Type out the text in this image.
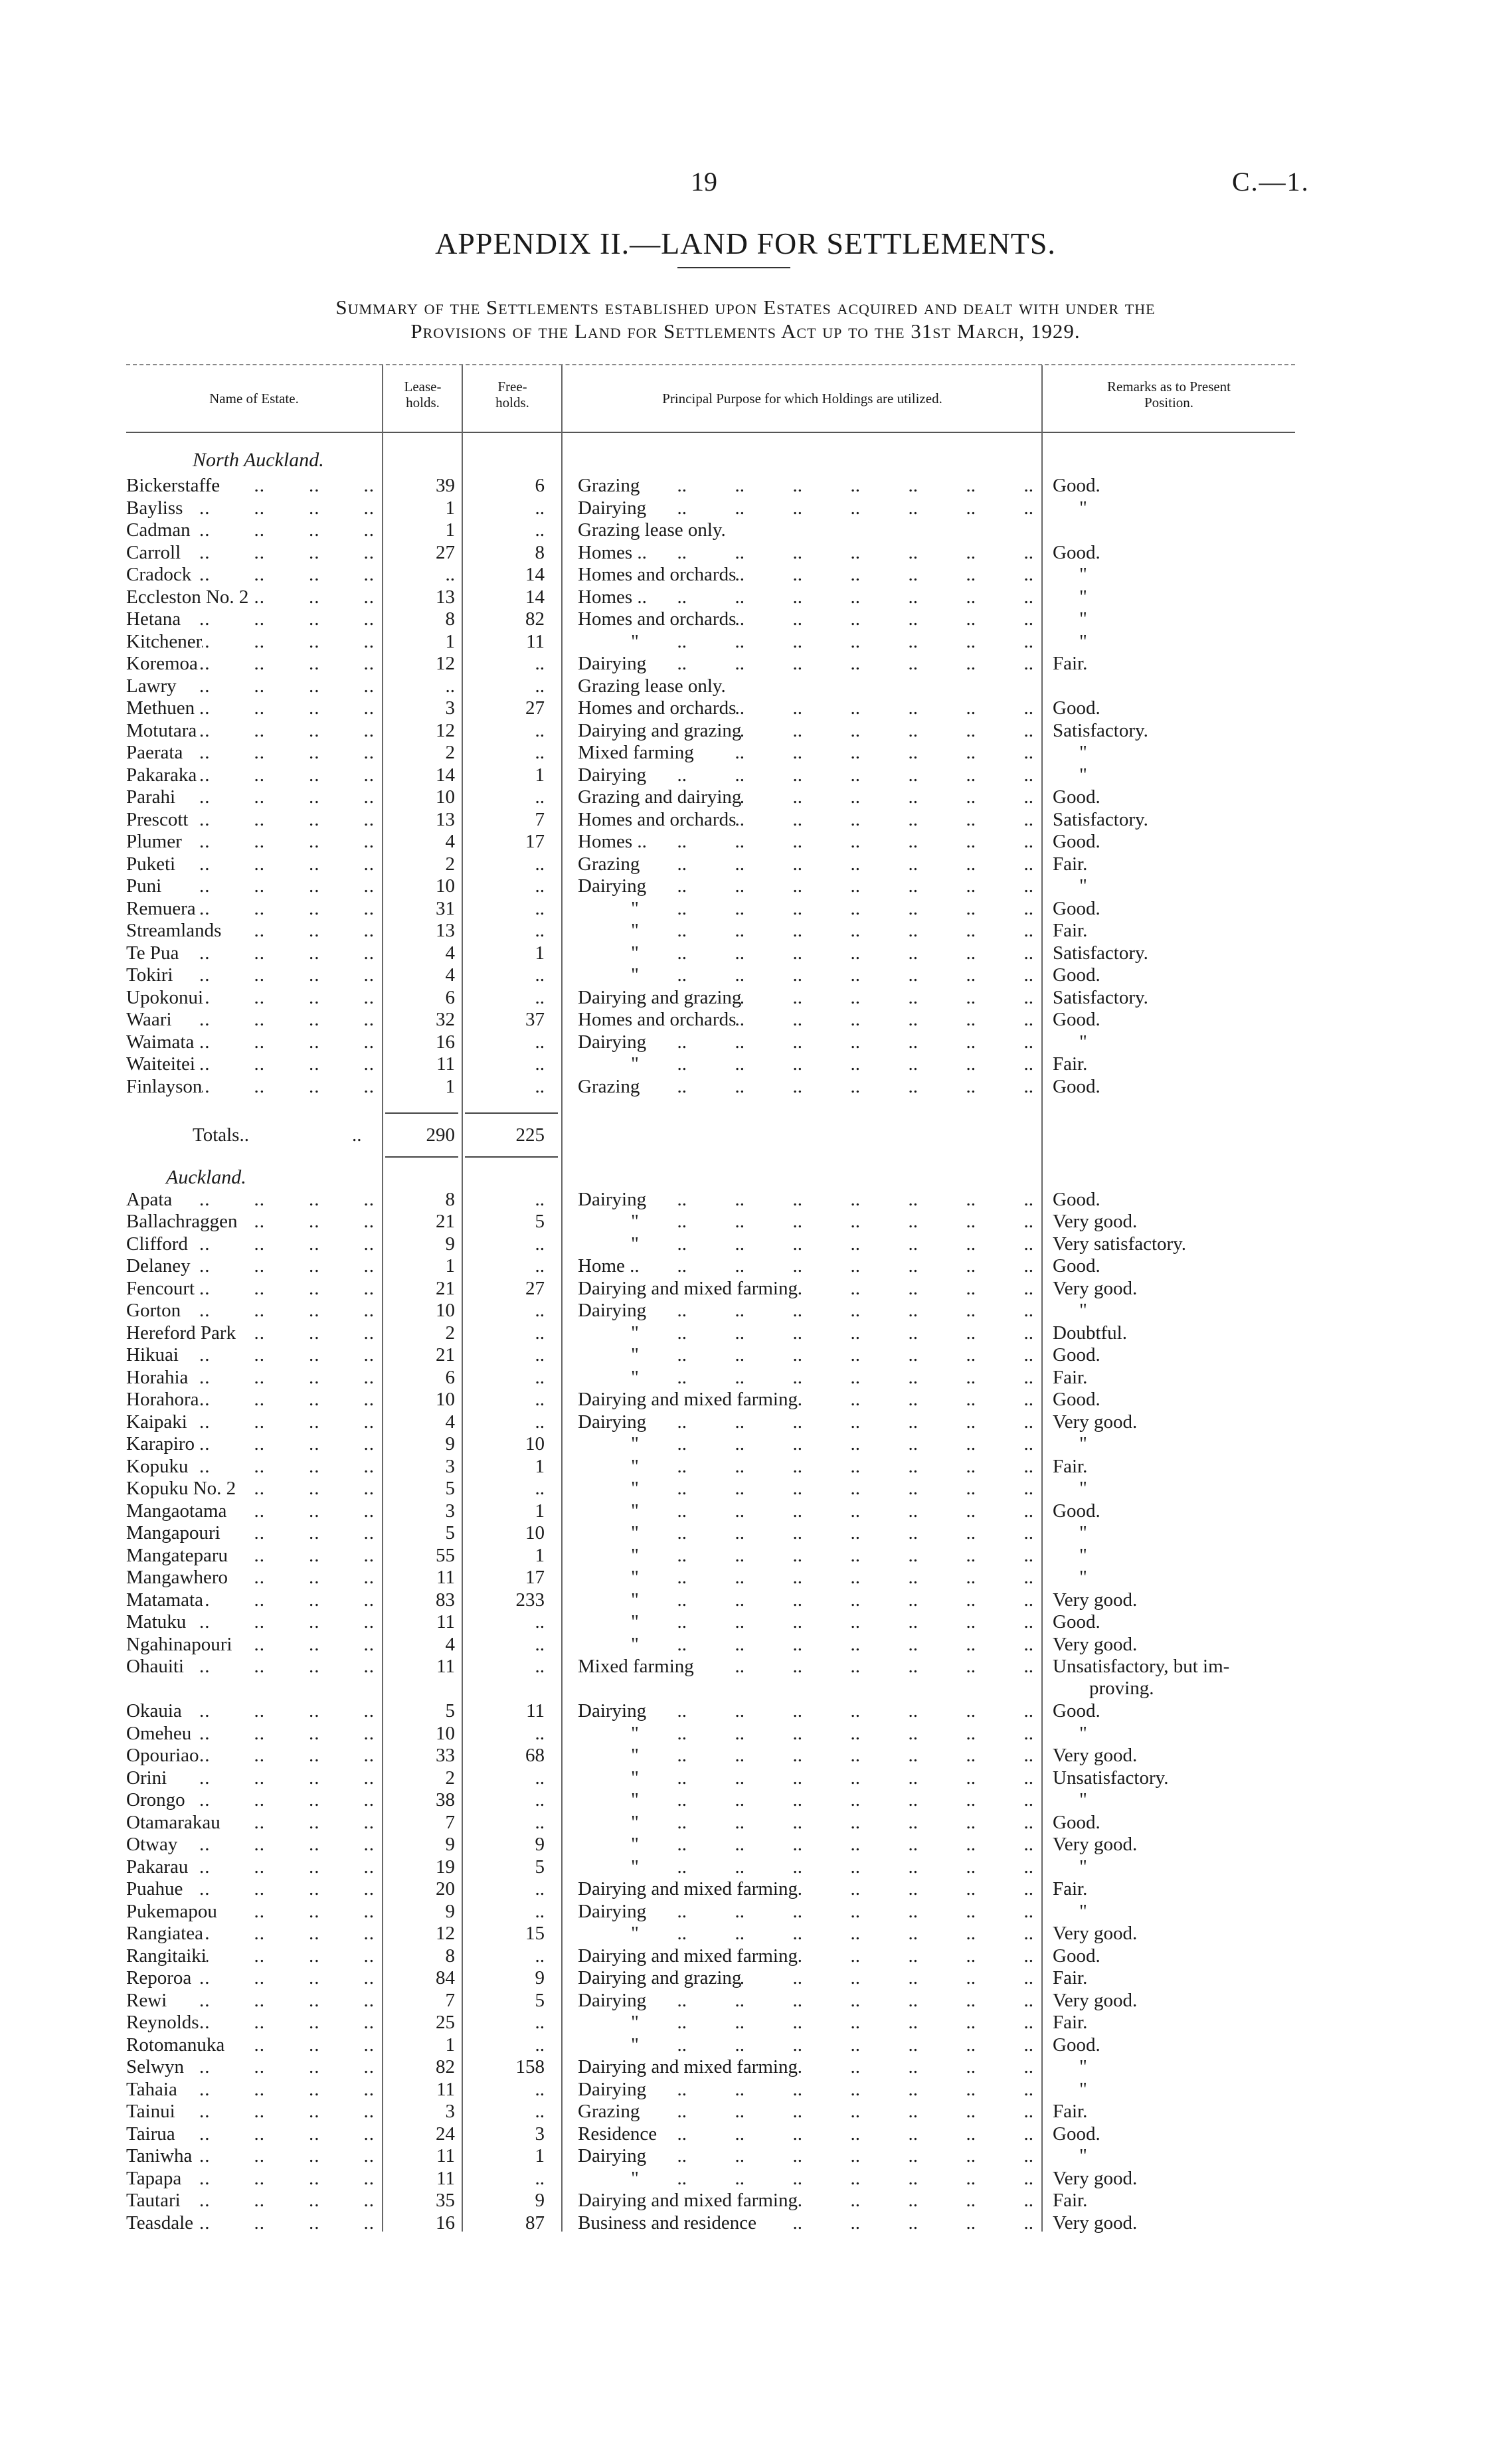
19	C.—1.
APPENDIX II.—LAND FOR SETTLEMENTS.
Summary of the Settlements established upon Estates acquired and dealt with under the
Provisions of the Land for Settlements Act up to the 31st March, 1929.
Name of Estate.
Lease-
holds.
Free-
holds.	Principal Purpose for which Holdings are utilized.
Remarks as to Present
Position.
North Auckland.
Bickerstaffe ..	39	6 Grazing ..	Good.
Bayliss ..	1	.. Dairying ..	"
Cadman ..	1	.. Grazing lease only.
Carroll ..	27	8 Homes .. ..	Good.
Cradock ..	..	14 Homes and orchards ..	"
Eccleston No. 2 ..	13	14 Homes .. ..	"
Hetana ..	8	82 Homes and orchards ..	"
Kitchener ..	1	11	" ..	"
Koremoa ..	12	.. Dairying ..	Fair.
Lawry ..	..	.. Grazing lease only.
Methuen ..	3	27 Homes and orchards ..	Good.
Motutara ..	12	.. Dairying and grazing ..	Satisfactory.
Paerata ..	2	.. Mixed farming ..	"
Pakaraka ..	14	1 Dairying ..	"
Parahi ..	10	.. Grazing and dairying ..	Good.
Prescott ..	13	7 Homes and orchards ..	Satisfactory.
Plumer ..	4	17 Homes .. ..	Good.
Puketi ..	2	.. Grazing ..	Fair.
Puni ..	10	.. Dairying ..	"
Remuera ..	31	..	" ..	Good.
Streamlands ..	13	..	" ..	Fair.
Te Pua ..	4	1	" ..	Satisfactory.
Tokiri ..	4	..	" ..	Good.
Upokonui ..	6	.. Dairying and grazing ..	Satisfactory.
Waari ..	32	37 Homes and orchards ..	Good.
Waimata ..	16	.. Dairying ..	"
Waiteitei ..	11	..	" ..	Fair.
Finlayson ..	1	.. Grazing ..	Good.
Totals..	..	290	225
Auckland.
Apata ..	8	.. Dairying ..	Good.
Ballachraggen ..	21	5	" ..	Very good.
Clifford ..	9	..	" ..	Very satisfactory.
Delaney ..	1	.. Home .. ..	Good.
Fencourt ..	21	27 Dairying and mixed farming ..	Very good.
Gorton ..	10	.. Dairying ..	"
Hereford Park ..	2	..	" ..	Doubtful.
Hikuai ..	21	..	" ..	Good.
Horahia ..	6	..	" ..	Fair.
Horahora ..	10	.. Dairying and mixed farming ..	Good.
Kaipaki ..	4	.. Dairying ..	Very good.
Karapiro ..	9	10	" ..	"
Kopuku ..	3	1	" ..	Fair.
Kopuku No. 2 ..	5	..	" ..	"
Mangaotama ..	3	1	" ..	Good.
Mangapouri ..	5	10	" ..	"
Mangateparu ..	55	1	" ..	"
Mangawhero ..	11	17	" ..	"
Matamata ..	83	233	" ..	Very good.
Matuku ..	11	..	" ..	Good.
Ngahinapouri ..	4	..	" ..	Very good.
Ohauiti ..	11	.. Mixed farming ..	Unsatisfactory, but im-
proving.
Okauia ..	5	11 Dairying ..	Good.
Omeheu ..	10	..	" ..	"
Opouriao ..	33	68	" ..	Very good.
Orini ..	2	..	" ..	Unsatisfactory.
Orongo ..	38	..	" ..	"
Otamarakau ..	7	..	" ..	Good.
Otway ..	9	9	" ..	Very good.
Pakarau ..	19	5	" ..	"
Puahue ..	20	.. Dairying and mixed farming ..	Fair.
Pukemapou ..	9	.. Dairying ..	"
Rangiatea ..	12	15	" ..	Very good.
Rangitaiki ..	8	.. Dairying and mixed farming ..	Good.
Reporoa ..	84	9 Dairying and grazing ..	Fair.
Rewi ..	7	5 Dairying ..	Very good.
Reynolds ..	25	..	" ..	Fair.
Rotomanuka ..	1	..	" ..	Good.
Selwyn ..	82	158 Dairying and mixed farming ..	"
Tahaia ..	11	.. Dairying ..	"
Tainui ..	3	.. Grazing ..	Fair.
Tairua ..	24	3 Residence ..	Good.
Taniwha ..	11	1 Dairying ..	"
Tapapa ..	11	..	" ..	Very good.
Tautari ..	35	9 Dairying and mixed farming ..	Fair.
Teasdale ..	16	87 Business and residence ..	Very good.
